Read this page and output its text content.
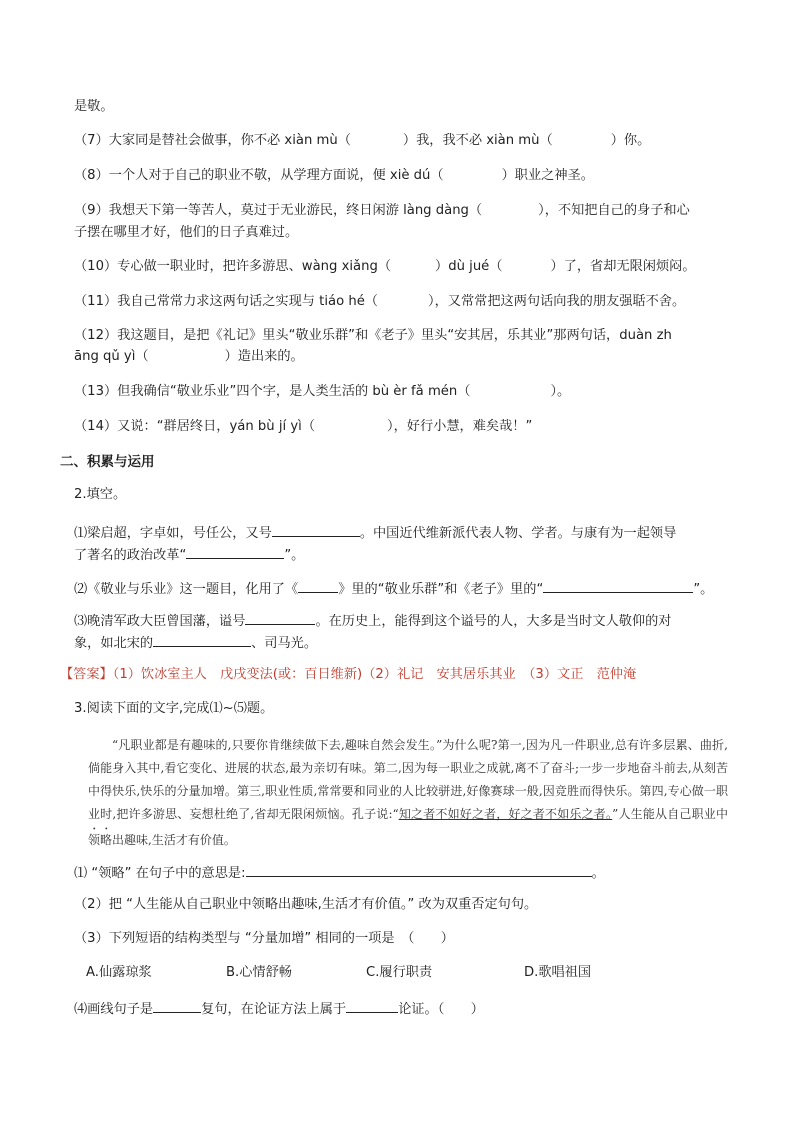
是敬。
（7）大家同是替社会做事，你不必 xiàn mù（	）我，我不必 xiàn mù（	）你。
（8）一个人对于自己的职业不敬，从学理方面说，便 xiè dú（	）职业之神圣。
（9）我想天下第一等苦人，莫过于无业游民，终日闲游 làng dàng（	），不知把自己的身子和心
子摆在哪里才好，他们的日子真难过。
（10）专心做一职业时，把许多游思、wàng xiǎng（	）dù jué（	）了，省却无限闲烦闷。
（11）我自己常常力求这两句话之实现与 tiáo hé（	），又常常把这两句话向我的朋友强聒不舍。
（12）我这题目，是把《礼记》里头“敬业乐群”和《老子》里头“安其居，乐其业”那两句话，duàn zh
āng qǔ yì（	）造出来的。
（13）但我确信“敬业乐业”四个字，是人类生活的 bù èr fǎ mén（	）。
（14）又说：“群居终日，yán bù jí yì（	），好行小慧，难矣哉！”
二、积累与运用
2.填空。
⑴梁启超，字卓如，号任公，又号	。中国近代维新派代表人物、学者。与康有为一起领导
了著名的政治改革“	”。
⑵《敬业与乐业》这一题目，化用了《	》里的“敬业乐群”和《老子》里的“	”。
⑶晚清军政大臣曾国藩，谥号	。在历史上，能得到这个谥号的人，大多是当时文人敬仰的对
象，如北宋的	、司马光。
【答案】（1）饮冰室主人　戊戌变法(或：百日维新)（2）礼记　安其居乐其业　（3）文正　范仲淹
3.阅读下面的文字,完成⑴~⑸题。

“凡职业都是有趣味的,只要你肯继续做下去,趣味自然会发生。”为什么呢?第一,因为凡一件职业,总有许多层累、曲折,倘能身入其中,看它变化、进展的状态,最为亲切有味。第二,因为每一职业之成就,离不了奋斗;一步一步地奋斗前去,从刻苦中得快乐,快乐的分量加增。第三,职业性质,常常要和同业的人比较骈进,好像赛球一般,因竞胜而得快乐。第四,专心做一职业时,把许多游思、妄想杜绝了,省却无限闲烦恼。孔子说:“知之者不如好之者，好之者不如乐之者。”人生能从自己职业中领略出趣味,生活才有价值。

⑴ “领略” 在句子中的意思是:	。
（2）把 “人生能从自己职业中领略出趣味,生活才有价值。” 改为双重否定句句。
（3）下列短语的结构类型与 “分量加增” 相同的一项是　（　　）
A.仙露琼浆	B.心情舒畅	C.履行职责	D.歌唱祖国
⑷画线句子是	复句，在论证方法上属于	论证。（　　）
